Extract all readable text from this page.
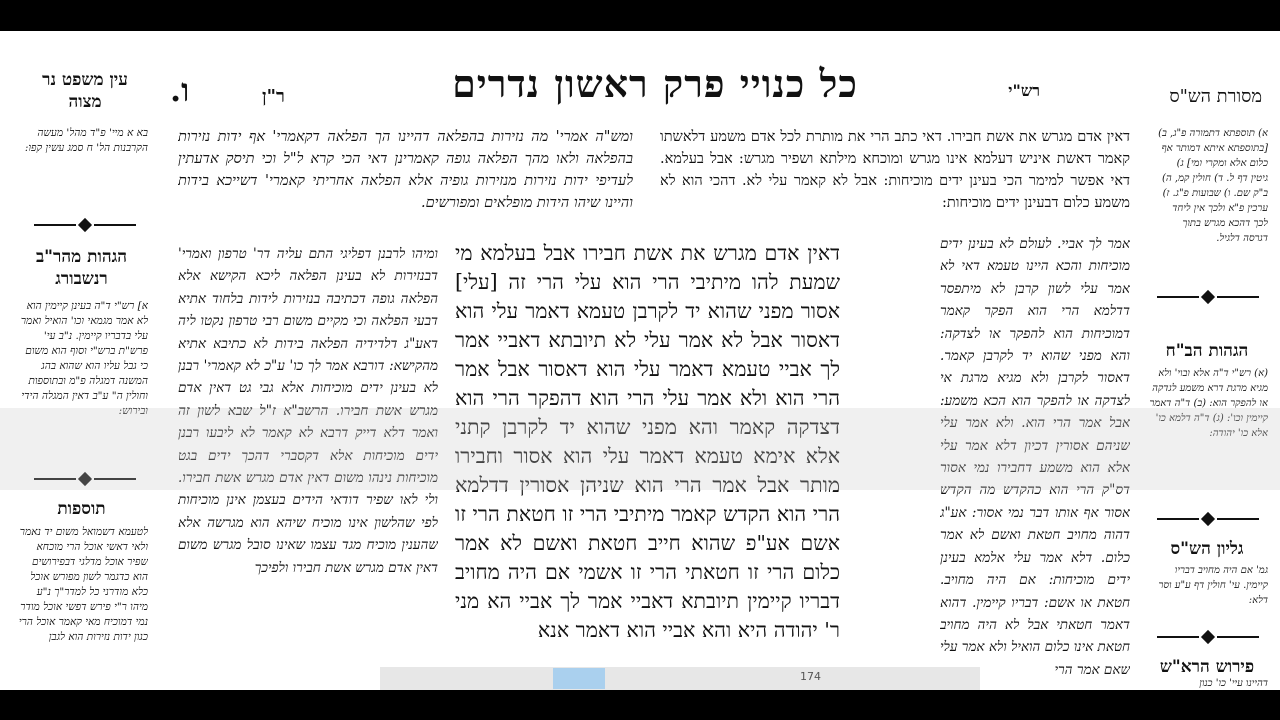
מסורת הש"ס
רש"י
כל כנויי פרק ראשון נדרים
ר"ן
ו.
עין משפט נר מצוה

א) תוספתא דתמורה פ"ג, ב) [בתוספתא איתא דמותר אף כלום אלא ומקרי ומי] ג) גיטין דף ל. ד) חולין קמ, ה) ב"ק שם. ו) שבועות פ"ג. ז) ערכין פ"א ולכך אין ליחד לכך דהכא מגרש בתוך דגרסה דלגיל.

הגהות הב"ח

(א) רש"י ד"ה אלא ובוי' ולא מגיא מרגת דרא משמע לגדקה או להפקר הוא: (ב) ד"ה דאמר קיימין וכו': (ג) ד"ה דלמא כו' אלא כו' יהודה:

גליון הש"ס

גמ' אם היה מחויב דבריו קיימין. עי' חולין דף ע"ע וסר דלא:

פירוש הרא"ש

דהיינו עיי' כו' כנון

דאין אדם מגרש את אשת חבירו. דאי כתב הרי את מותרת לכל אדם משמע דלאשתו קאמר דאשת איניש דעלמא אינו מגרש ומוכחא מילתא ושפיר מגרש: אבל בעלמא. דאי אפשר למימר הכי בעינן ידים מוכיחות: אבל לא קאמר עלי לא. דהכי הוא לא משמע כלום דבעינן ידים מוכיחות:

אמר לך אביי. לעולם לא בעינן ידים מוכיחות והכא היינו טעמא דאי לא אמר עלי לשון קרבן לא מיתפסר דדלמא הרי הוא הפקר קאמר דמוכיחות הוא להפקר או לצדקה: והא מפני שהוא יד לקרבן קאמר. דאסור לקרבן ולא מגיא מרגת אי לצדקה או להפקר הוא הכא משמע: אבל אמר הרי הוא. ולא אמר עלי שניהם אסורין דכיון דלא אמר עלי אלא הוא משמע דחבירו נמי אסור דס"ק הרי הוא כהקדש מה הקדש אסור אף אותו דבר נמי אסור: אע"ג דהוה מחויב חטאת ואשם לא אמר כלום. דלא אמר עלי אלמא בעינן ידים מוכיחות: אם היה מחויב. חטאת או אשם: דבריו קיימין. דהוא דאמר חטאתי אבל לא היה מחויב חטאת אינו כלום הואיל ולא אמר עלי שאם אמר הרי

דאין אדם מגרש את אשת חבירו אבל בעלמא מי שמעת להו מיתיבי הרי הוא עלי הרי זה [עלי] אסור מפני שהוא יד לקרבן טעמא דאמר עלי הוא דאסור אבל לא אמר עלי לא תיובתא דאביי אמר לך אביי טעמא דאמר עלי הוא דאסור אבל אמר הרי הוא ולא אמר עלי הרי הוא דהפקר הרי הוא דצדקה קאמר והא מפני שהוא יד לקרבן קתני אלא אימא טעמא דאמר עלי הוא אסור וחבירו מותר אבל אמר הרי הוא שניהן אסורין דדלמא הרי הוא הקדש קאמר מיתיבי הרי זו חטאת הרי זו אשם אע"פ שהוא חייב חטאת ואשם לא אמר כלום הרי זו חטאתי הרי זו אשמי אם היה מחויב דבריו קיימין תיובתא דאביי אמר לך אביי הא מני ר' יהודה היא והא אביי הוא דאמר אנא

ומש"ה אמרי' מה נזירות בהפלאה דהיינו הך הפלאה דקאמרי' אף ידות נזירות בהפלאה ולאו מהך הפלאה גופה קאמרינן דאי הכי קרא ל"ל וכי תיסק אדעתין לעדיפי ידות נזירות מנזירות גופיה אלא הפלאה אחריתי קאמרי' דשייכא בידות והיינו שיהו הידות מופלאים ומפורשים.

ומיהו לרבנן דפליגי התם עליה דר' טרפון ואמרי' דבנזירות לא בעינן הפלאה ליכא הקישא אלא הפלאה גופה דכתיבה בנזירות לידות בלחוד אתיא דבעי הפלאה וכי מקיים משום רבי טרפון נקטו ליה דאע"ג דלדידיה הפלאה בידות לא כתיבא אתיא מהקישא: דורבא אמר לך כו' ע"כ לא קאמרי' רבנן לא בעינן ידים מוכיחות אלא גבי גט דאין אדם מגרש אשת חבירו. הרשב"א ז"ל שבא לשון זה ואמר דלא דייק דרבא לא קאמר לא ליבעו רבנן ידים מוכיחות אלא דקסברי דהכך ידים בגט מוכיחות נינהו משום דאין אדם מגרש אשת חבירו. ולי לאו שפיר דודאי הידים בעצמן אינן מוכיחות לפי שהלשון אינו מוכיח שיהא הוא מגרשה אלא שהענין מוכיח מגד עצמו שאינו סובל מגרש משום דאין אדם מגרש אשת חבירו ולפיכך

בא א מיי' פ"ד מהל' מעשה הקרבנות הל' ח סמג עשין קפו:

הגהות מהר"ב רנשבורג

א] רש"י ד"ה בעינן קיימין הוא לא אמר מגמאי וכו' הואיל ואמר עלי בדבריו קיימין. נ"ב עי' פרש"ת ברש"י וסוף הוא משום כי גבל עליו הוא שהוא בהג המשנה דמגלה פ"מ ובתוספות וחולין ה" ע"ב דאין המגלה הידי ובירוש:

תוספות

לטעמא דשמואל משום יד נאמר ולאי דאשי אוכל הרי מוכחא שפיר אוכל מדלגי דבפירושים הוא כדגמר לשון מפורש אוכל כלא מודרני כל למדר"ך נ"ע מיהו ר"י פירש דפשי אוכל מודר נמי דמוכיח מאי קאמר אוכל הרי כגון ידות נזירות הוא לגבן

174
